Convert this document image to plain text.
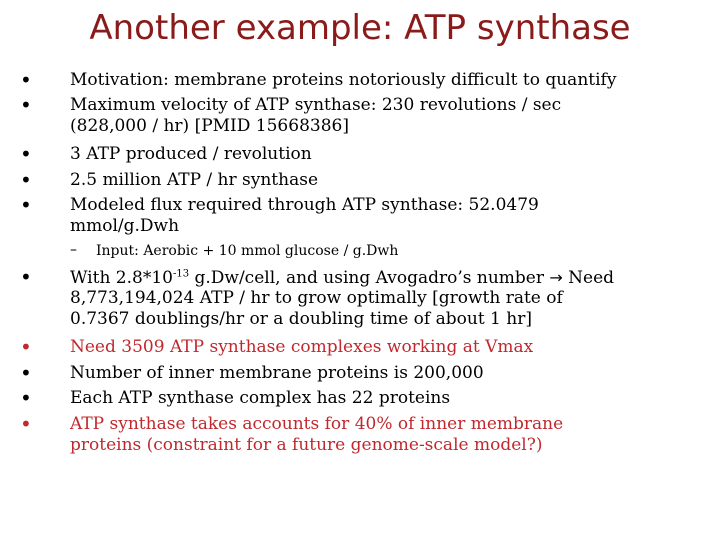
Another example: ATP synthase
• Motivation: membrane proteins notoriously difficult to quantify
• Maximum velocity of ATP synthase: 230 revolutions / sec
(828,000 / hr) [PMID 15668386]
• 3 ATP produced / revolution
• 2.5 million ATP / hr synthase
• Modeled flux required through ATP synthase: 52.0479
mmol/g.Dwh
– Input: Aerobic + 10 mmol glucose / g.Dwh
• With $2.8*10^{-13}$ g.Dw/cell, and using Avogadro’s number → Need
8,773,194,024 ATP / hr to grow optimally [growth rate of
0.7367 doublings/hr or a doubling time of about 1 hr]
• Need 3509 ATP synthase complexes working at Vmax
• Number of inner membrane proteins is 200,000
• Each ATP synthase complex has 22 proteins
• ATP synthase takes accounts for 40% of inner membrane
proteins (constraint for a future genome-scale model?)
